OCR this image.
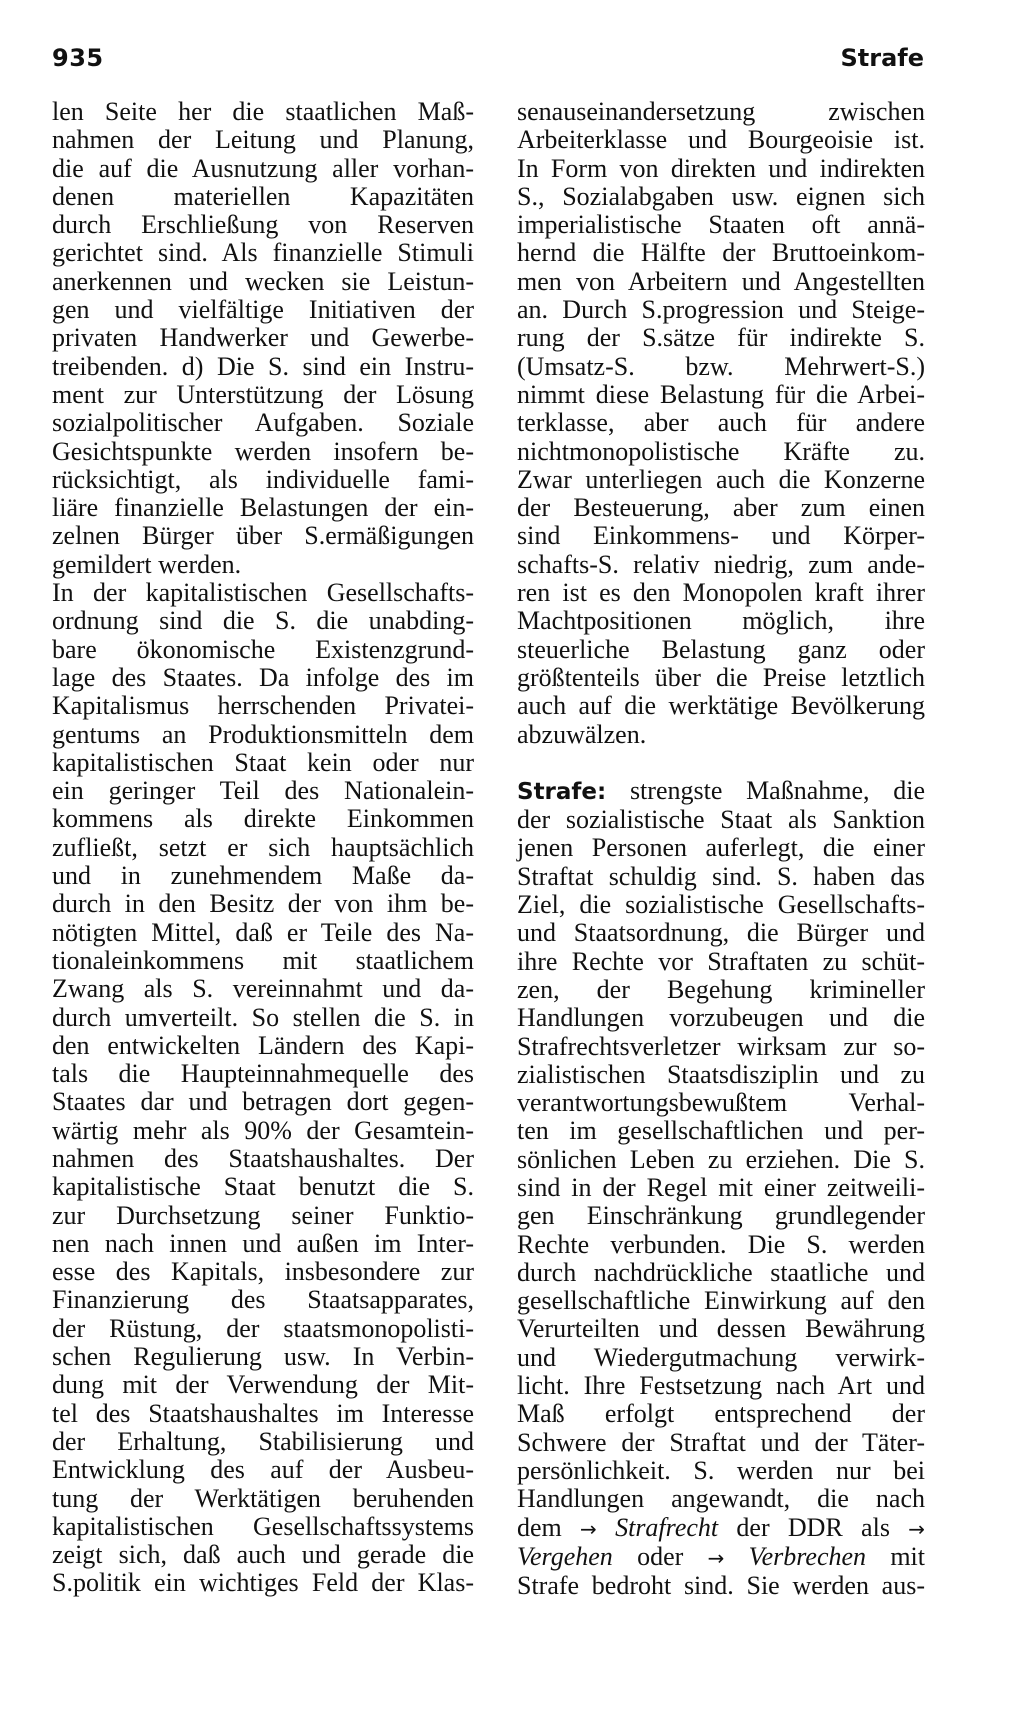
935	Strafe
len Seite her die staatlichen Maß-
nahmen der Leitung und Planung,
die auf die Ausnutzung aller vorhan-
denen materiellen Kapazitäten
durch Erschließung von Reserven
gerichtet sind. Als finanzielle Stimuli
anerkennen und wecken sie Leistun-
gen und vielfältige Initiativen der
privaten Handwerker und Gewerbe-
treibenden. d) Die S. sind ein Instru-
ment zur Unterstützung der Lösung
sozialpolitischer Aufgaben. Soziale
Gesichtspunkte werden insofern be-
rücksichtigt, als individuelle fami-
liäre finanzielle Belastungen der ein-
zelnen Bürger über S.ermäßigungen
gemildert werden.
In der kapitalistischen Gesellschafts-
ordnung sind die S. die unabding-
bare ökonomische Existenzgrund-
lage des Staates. Da infolge des im
Kapitalismus herrschenden Privatei-
gentums an Produktionsmitteln dem
kapitalistischen Staat kein oder nur
ein geringer Teil des Nationalein-
kommens als direkte Einkommen
zufließt, setzt er sich hauptsächlich
und in zunehmendem Maße da-
durch in den Besitz der von ihm be-
nötigten Mittel, daß er Teile des Na-
tionaleinkommens mit staatlichem
Zwang als S. vereinnahmt und da-
durch umverteilt. So stellen die S. in
den entwickelten Ländern des Kapi-
tals die Haupteinnahmequelle des
Staates dar und betragen dort gegen-
wärtig mehr als 90% der Gesamtein-
nahmen des Staatshaushaltes. Der
kapitalistische Staat benutzt die S.
zur Durchsetzung seiner Funktio-
nen nach innen und außen im Inter-
esse des Kapitals, insbesondere zur
Finanzierung des Staatsapparates,
der Rüstung, der staatsmonopolisti-
schen Regulierung usw. In Verbin-
dung mit der Verwendung der Mit-
tel des Staatshaushaltes im Interesse
der Erhaltung, Stabilisierung und
Entwicklung des auf der Ausbeu-
tung der Werktätigen beruhenden
kapitalistischen Gesellschaftssystems
zeigt sich, daß auch und gerade die
S.politik ein wichtiges Feld der Klas-
senauseinandersetzung zwischen
Arbeiterklasse und Bourgeoisie ist.
In Form von direkten und indirekten
S., Sozialabgaben usw. eignen sich
imperialistische Staaten oft annä-
hernd die Hälfte der Bruttoeinkom-
men von Arbeitern und Angestellten
an. Durch S.progression und Steige-
rung der S.sätze für indirekte S.
(Umsatz-S. bzw. Mehrwert-S.)
nimmt diese Belastung für die Arbei-
terklasse, aber auch für andere
nichtmonopolistische Kräfte zu.
Zwar unterliegen auch die Konzerne
der Besteuerung, aber zum einen
sind Einkommens- und Körper-
schafts-S. relativ niedrig, zum ande-
ren ist es den Monopolen kraft ihrer
Machtpositionen möglich, ihre
steuerliche Belastung ganz oder
größtenteils über die Preise letztlich
auch auf die werktätige Bevölkerung
abzuwälzen.
Strafe: strengste Maßnahme, die
der sozialistische Staat als Sanktion
jenen Personen auferlegt, die einer
Straftat schuldig sind. S. haben das
Ziel, die sozialistische Gesellschafts-
und Staatsordnung, die Bürger und
ihre Rechte vor Straftaten zu schüt-
zen, der Begehung krimineller
Handlungen vorzubeugen und die
Strafrechtsverletzer wirksam zur so-
zialistischen Staatsdisziplin und zu
verantwortungsbewußtem Verhal-
ten im gesellschaftlichen und per-
sönlichen Leben zu erziehen. Die S.
sind in der Regel mit einer zeitweili-
gen Einschränkung grundlegender
Rechte verbunden. Die S. werden
durch nachdrückliche staatliche und
gesellschaftliche Einwirkung auf den
Verurteilten und dessen Bewährung
und Wiedergutmachung verwirk-
licht. Ihre Festsetzung nach Art und
Maß erfolgt entsprechend der
Schwere der Straftat und der Täter-
persönlichkeit. S. werden nur bei
Handlungen angewandt, die nach
dem → Strafrecht der DDR als →
Vergehen oder → Verbrechen mit
Strafe bedroht sind. Sie werden aus-
